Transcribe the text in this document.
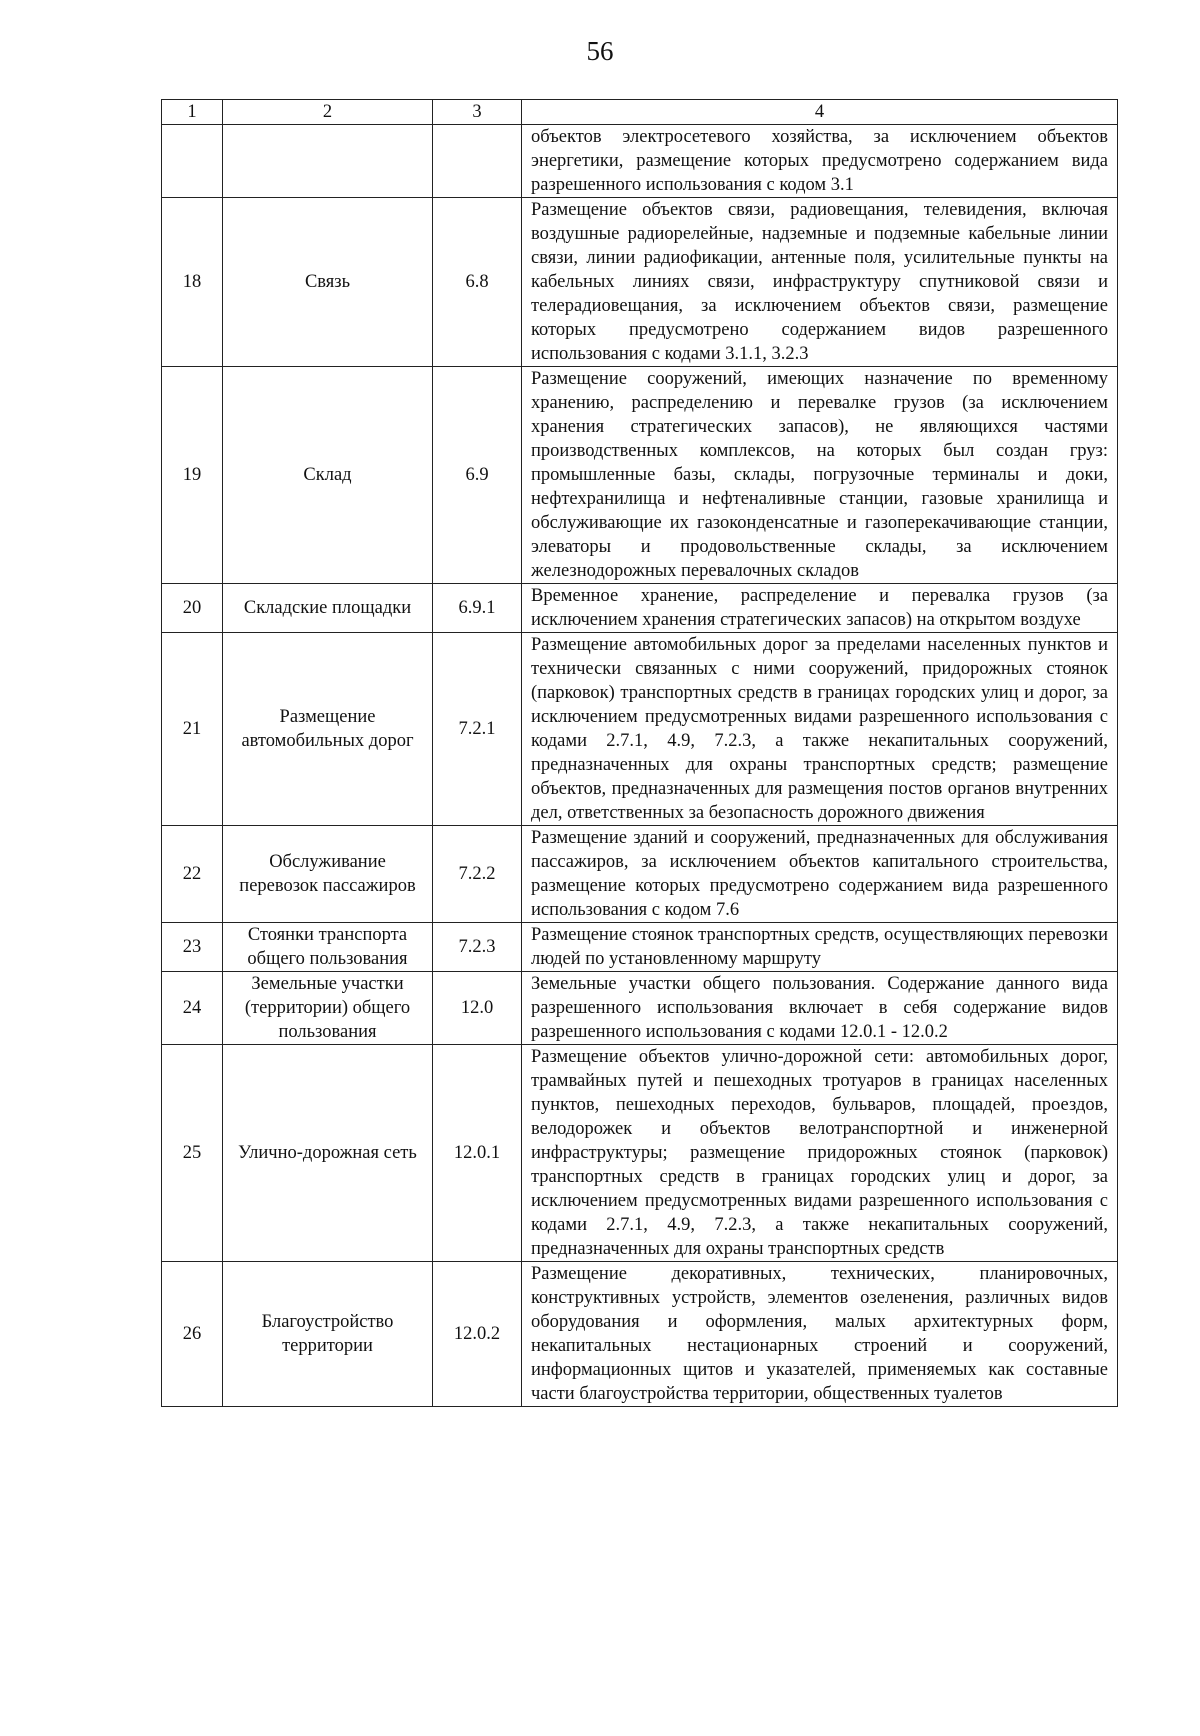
56
1	2	3	4
			объектов электросетевого хозяйства, за исключением объектов энергетики, размещение которых предусмотрено содержанием вида разрешенного использования с кодом 3.1
18	Связь	6.8	Размещение объектов связи, радиовещания, телевидения, включая воздушные радиорелейные, надземные и подземные кабельные линии связи, линии радиофикации, антенные поля, усилительные пункты на кабельных линиях связи, инфраструктуру спутниковой связи и телерадиовещания, за исключением объектов связи, размещение которых предусмотрено содержанием видов разрешенного использования с кодами 3.1.1, 3.2.3
19	Склад	6.9	Размещение сооружений, имеющих назначение по временному хранению, распределению и перевалке грузов (за исключением хранения стратегических запасов), не являющихся частями производственных комплексов, на которых был создан груз: промышленные базы, склады, погрузочные терминалы и доки, нефтехранилища и нефтеналивные станции, газовые хранилища и обслуживающие их газоконденсатные и газоперекачивающие станции, элеваторы и продовольственные склады, за исключением железнодорожных перевалочных складов
20	Складские площадки	6.9.1	Временное хранение, распределение и перевалка грузов (за исключением хранения стратегических запасов) на открытом воздухе
21	Размещение автомобильных дорог	7.2.1	Размещение автомобильных дорог за пределами населенных пунктов и технически связанных с ними сооружений, придорожных стоянок (парковок) транспортных средств в границах городских улиц и дорог, за исключением предусмотренных видами разрешенного использования с кодами 2.7.1, 4.9, 7.2.3, а также некапитальных сооружений, предназначенных для охраны транспортных средств; размещение объектов, предназначенных для размещения постов органов внутренних дел, ответственных за безопасность дорожного движения
22	Обслуживание перевозок пассажиров	7.2.2	Размещение зданий и сооружений, предназначенных для обслуживания пассажиров, за исключением объектов капитального строительства, размещение которых предусмотрено содержанием вида разрешенного использования с кодом 7.6
23	Стоянки транспорта общего пользования	7.2.3	Размещение стоянок транспортных средств, осуществляющих перевозки людей по установленному маршруту
24	Земельные участки (территории) общего пользования	12.0	Земельные участки общего пользования. Содержание данного вида разрешенного использования включает в себя содержание видов разрешенного использования с кодами 12.0.1 - 12.0.2
25	Улично-дорожная сеть	12.0.1	Размещение объектов улично-дорожной сети: автомобильных дорог, трамвайных путей и пешеходных тротуаров в границах населенных пунктов, пешеходных переходов, бульваров, площадей, проездов, велодорожек и объектов велотранспортной и инженерной инфраструктуры; размещение придорожных стоянок (парковок) транспортных средств в границах городских улиц и дорог, за исключением предусмотренных видами разрешенного использования с кодами 2.7.1, 4.9, 7.2.3, а также некапитальных сооружений, предназначенных для охраны транспортных средств
26	Благоустройство территории	12.0.2	Размещение декоративных, технических, планировочных, конструктивных устройств, элементов озеленения, различных видов оборудования и оформления, малых архитектурных форм, некапитальных нестационарных строений и сооружений, информационных щитов и указателей, применяемых как составные части благоустройства территории, общественных туалетов
